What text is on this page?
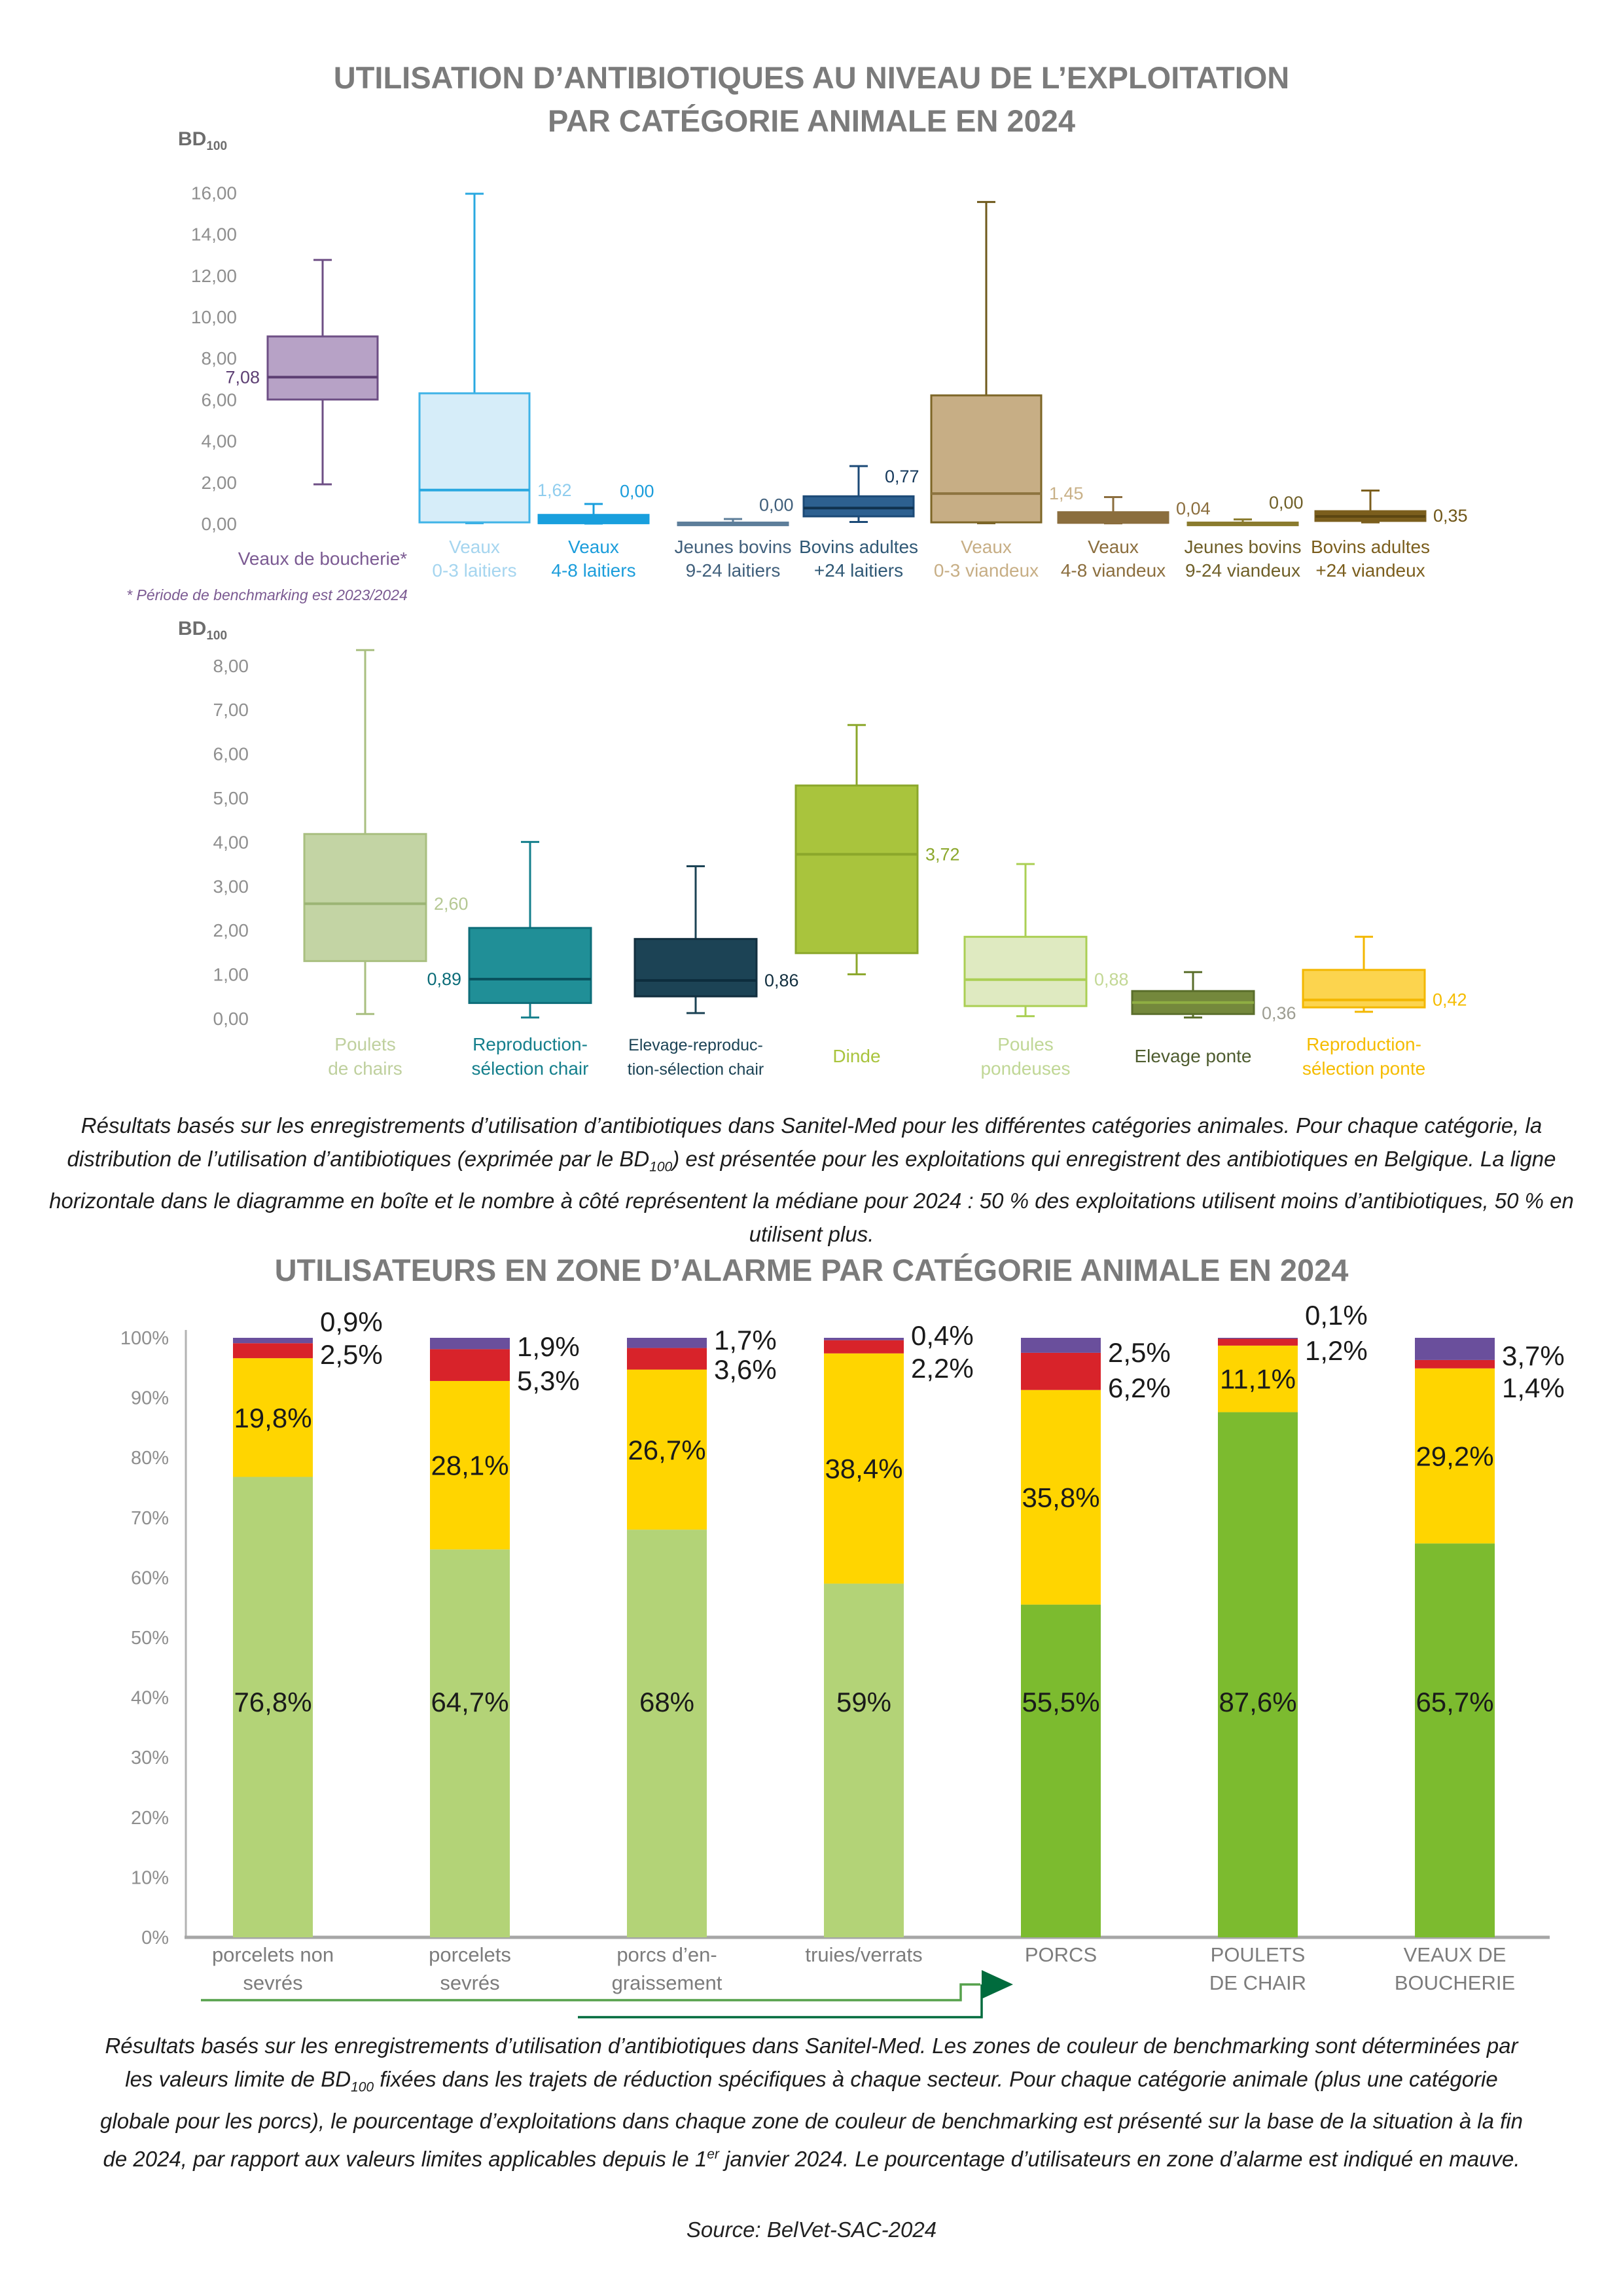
UTILISATION D’ANTIBIOTIQUES AU NIVEAU DE L’EXPLOITATION
PAR CATÉGORIE ANIMALE EN 2024
$BD_{100}$
$BD_{100}$
0,00
2,00
4,00
6,00
8,00
10,00
12,00
14,00
16,00
7,08
Veaux de boucherie*
* Période de benchmarking est 2023/2024
1,62
Veaux
0-3 laitiers
0,00
Veaux
4-8 laitiers
0,00
Jeunes bovins
9-24 laitiers
0,77
Bovins adultes
+24 laitiers
1,45
Veaux
0-3 viandeux
0,04
Veaux
4-8 viandeux
0,00
Jeunes bovins
9-24 viandeux
0,35
Bovins adultes
+24 viandeux
0,00
1,00
2,00
3,00
4,00
5,00
6,00
7,00
8,00
2,60
Poulets
de chairs
0,89
Reproduction-
sélection chair
0,86
Elevage-reproduc-
tion-sélection chair
3,72
Dinde
0,88
Poules
pondeuses
0,36
Elevage ponte
0,42
Reproduction-
sélection ponte
0%
10%
20%
30%
40%
50%
60%
70%
80%
90%
100%
76,8%
19,8%
0,9%
2,5%
porcelets non
sevrés
64,7%
28,1%
1,9%
5,3%
porcelets
sevrés
68%
26,7%
1,7%
3,6%
porcs d’en-
graissement
59%
38,4%
0,4%
2,2%
truies/verrats
55,5%
35,8%
2,5%
6,2%
PORCS
87,6%
11,1%
0,1%
1,2%
POULETS
DE CHAIR
65,7%
29,2%
3,7%
1,4%
VEAUX DE
BOUCHERIE
Résultats basés sur les enregistrements d’utilisation d’antibiotiques dans Sanitel-Med pour les différentes catégories animales. Pour chaque catégorie, la distribution de l’utilisation d’antibiotiques (exprimée par le $BD_{100}$) est présentée pour les exploitations qui enregistrent des antibiotiques en Belgique. La ligne horizontale dans le diagramme en boîte et le nombre à côté représentent la médiane pour 2024 : 50 % des exploitations utilisent moins d’antibiotiques, 50 % en utilisent plus.
UTILISATEURS EN ZONE D’ALARME PAR CATÉGORIE ANIMALE EN 2024
Résultats basés sur les enregistrements d’utilisation d’antibiotiques dans Sanitel-Med. Les zones de couleur de benchmarking sont déterminées par les valeurs limite de $BD_{100}$ fixées dans les trajets de réduction spécifiques à chaque secteur. Pour chaque catégorie animale (plus une catégorie globale pour les porcs), le pourcentage d’exploitations dans chaque zone de couleur de benchmarking est présenté sur la base de la situation à la fin de 2024, par rapport aux valeurs limites applicables depuis le 1er janvier 2024. Le pourcentage d’utilisateurs en zone d’alarme est indiqué en mauve.
Source: BelVet-SAC-2024
